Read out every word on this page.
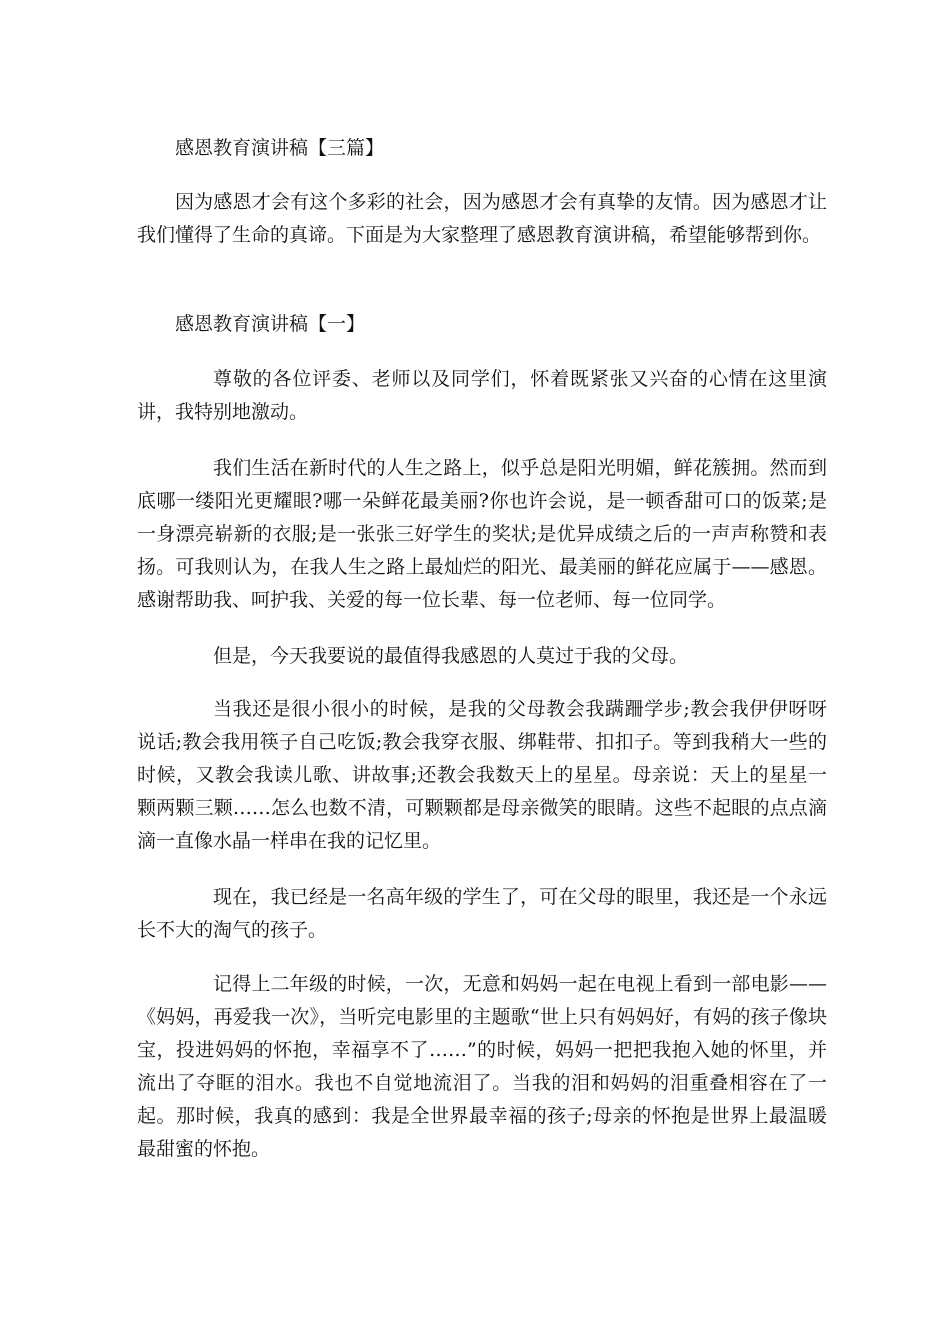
感恩教育演讲稿【三篇】

因为感恩才会有这个多彩的社会，因为感恩才会有真挚的友情。因为感恩才让我们懂得了生命的真谛。下面是为大家整理了感恩教育演讲稿，希望能够帮到你。

感恩教育演讲稿【一】

尊敬的各位评委、老师以及同学们，怀着既紧张又兴奋的心情在这里演讲，我特别地激动。

我们生活在新时代的人生之路上，似乎总是阳光明媚，鲜花簇拥。然而到底哪一缕阳光更耀眼?哪一朵鲜花最美丽?你也许会说，是一顿香甜可口的饭菜;是一身漂亮崭新的衣服;是一张张三好学生的奖状;是优异成绩之后的一声声称赞和表扬。可我则认为，在我人生之路上最灿烂的阳光、最美丽的鲜花应属于——感恩。感谢帮助我、呵护我、关爱的每一位长辈、每一位老师、每一位同学。

但是，今天我要说的最值得我感恩的人莫过于我的父母。

当我还是很小很小的时候，是我的父母教会我蹒跚学步;教会我伊伊呀呀说话;教会我用筷子自己吃饭;教会我穿衣服、绑鞋带、扣扣子。等到我稍大一些的时候，又教会我读儿歌、讲故事;还教会我数天上的星星。母亲说：天上的星星一颗两颗三颗……怎么也数不清，可颗颗都是母亲微笑的眼睛。这些不起眼的点点滴滴一直像水晶一样串在我的记忆里。

现在，我已经是一名高年级的学生了，可在父母的眼里，我还是一个永远长不大的淘气的孩子。

记得上二年级的时候，一次，无意和妈妈一起在电视上看到一部电影——《妈妈，再爱我一次》，当听完电影里的主题歌“世上只有妈妈好，有妈的孩子像块宝，投进妈妈的怀抱，幸福享不了……”的时候，妈妈一把把我抱入她的怀里，并流出了夺眶的泪水。我也不自觉地流泪了。当我的泪和妈妈的泪重叠相容在了一起。那时候，我真的感到：我是全世界最幸福的孩子;母亲的怀抱是世界上最温暖最甜蜜的怀抱。
